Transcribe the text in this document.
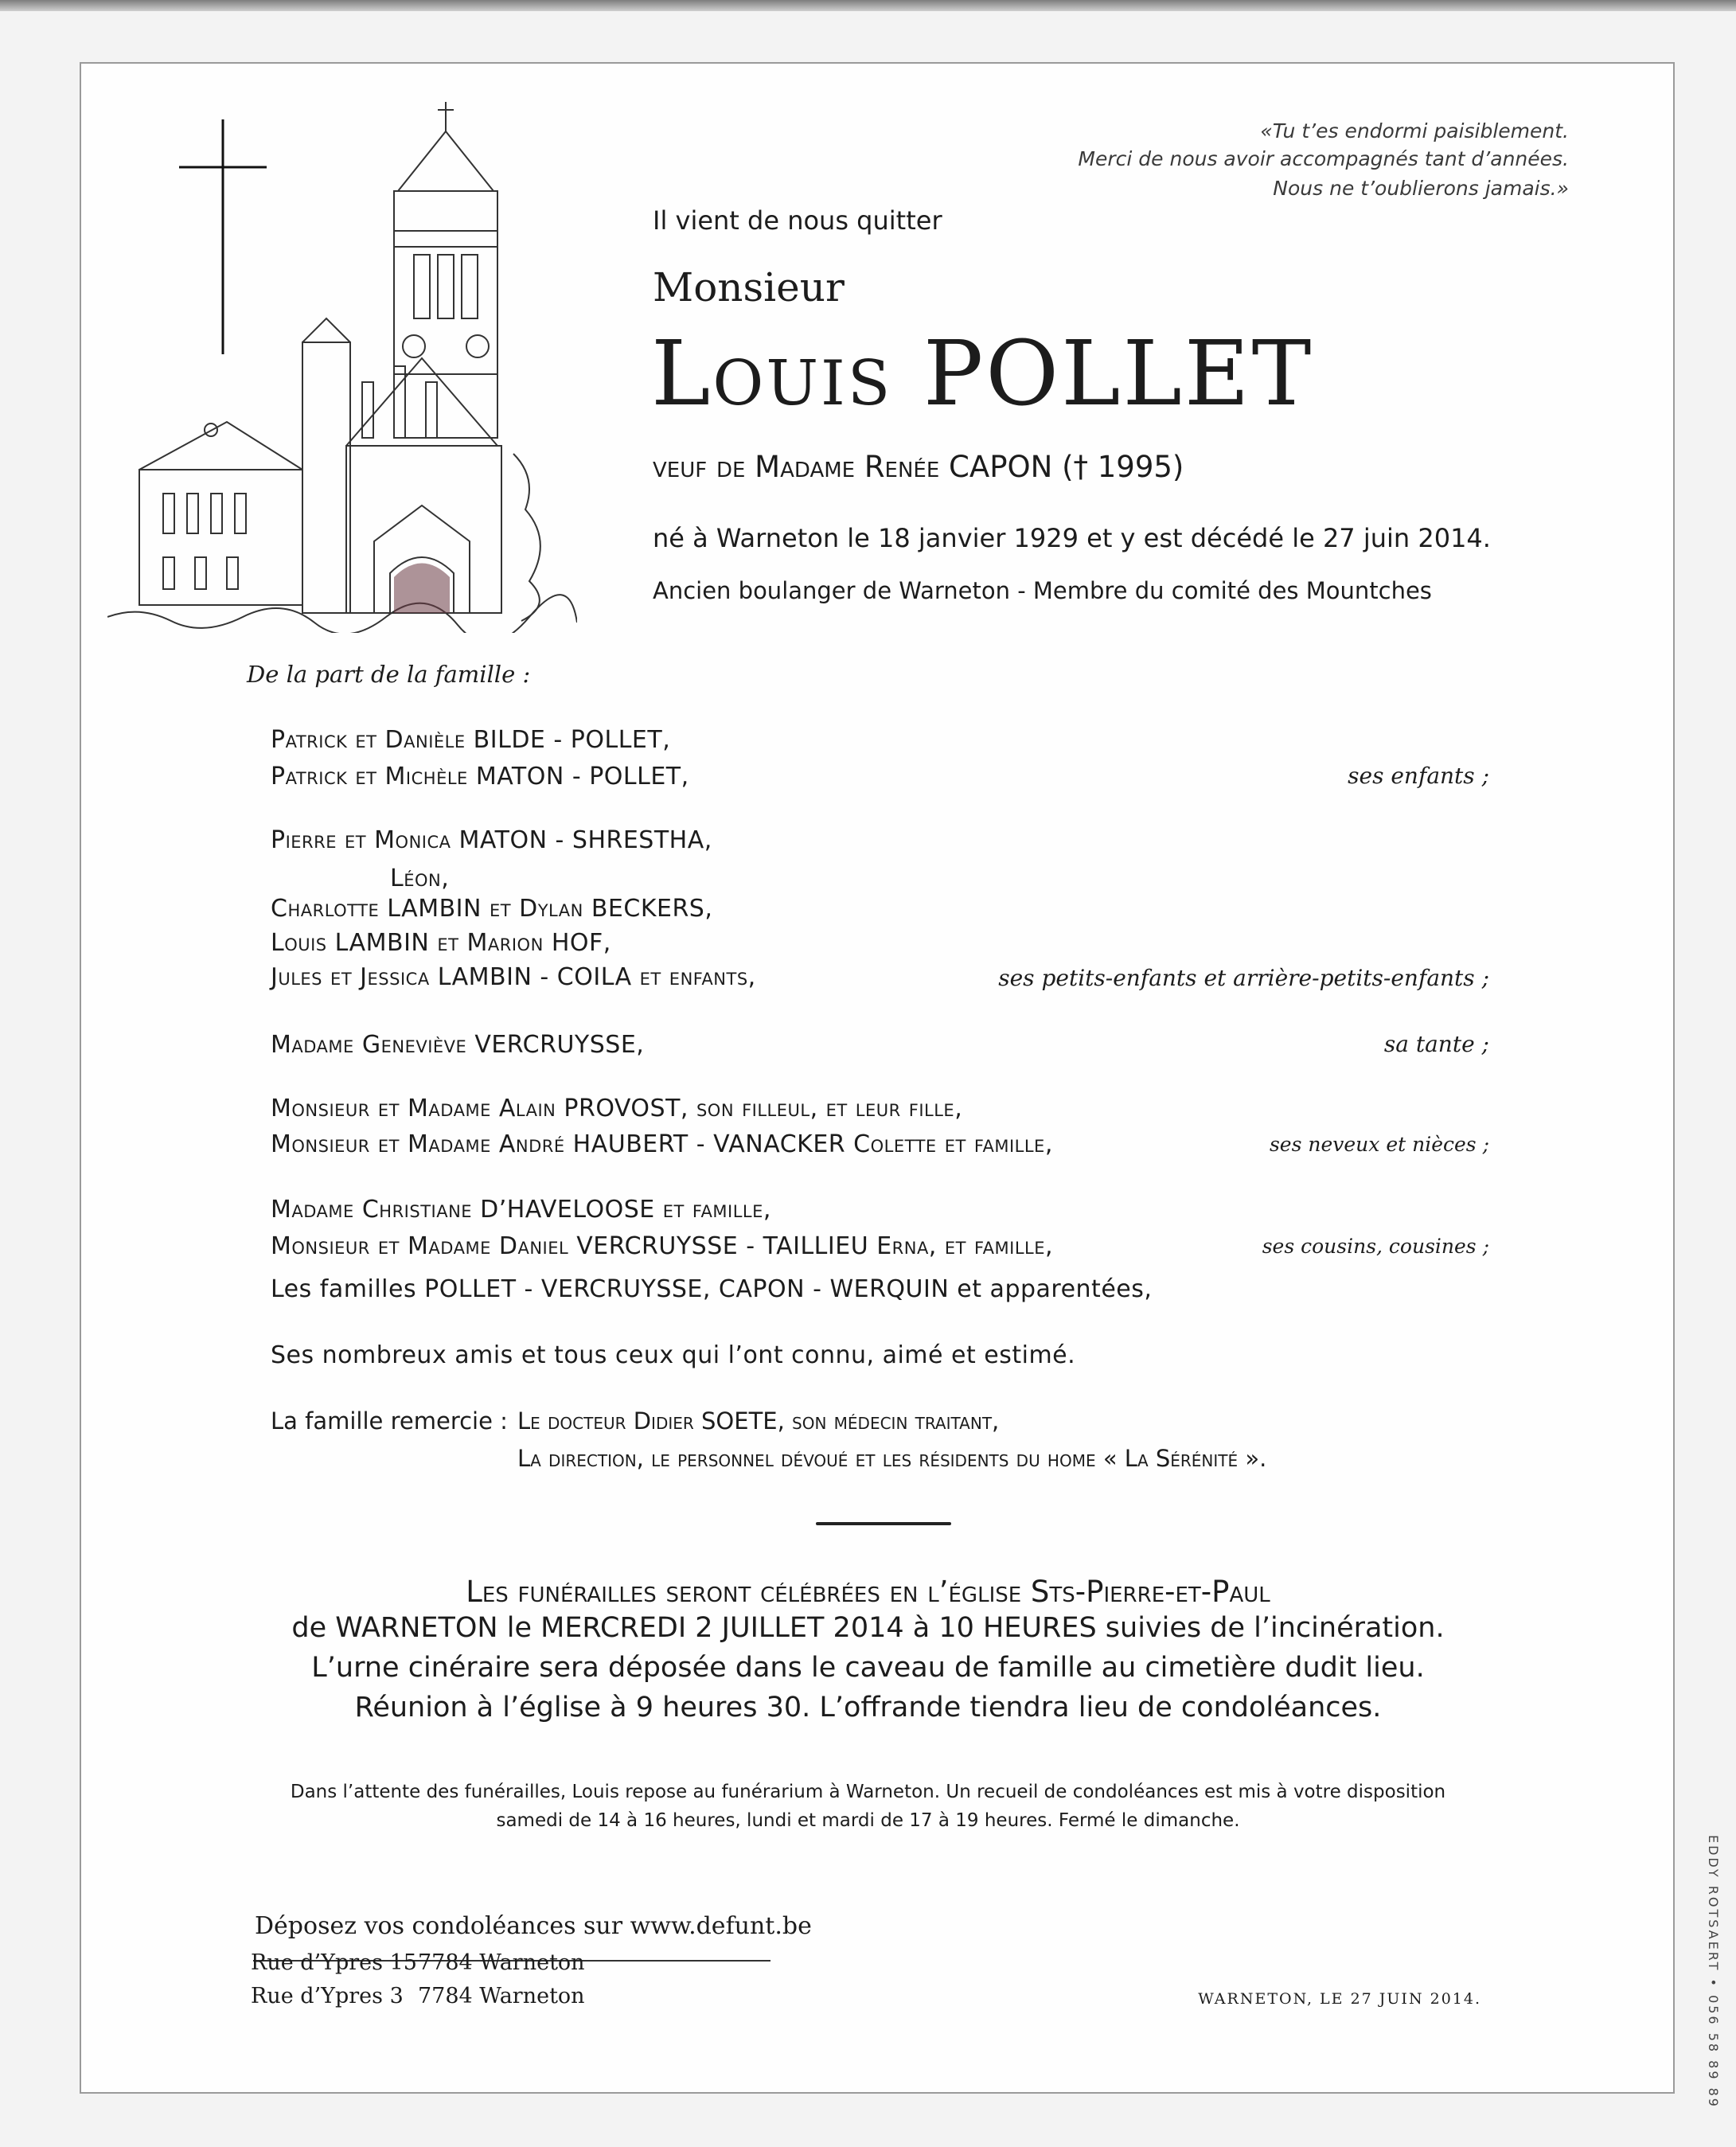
«Tu t’es endormi paisiblement.
Merci de nous avoir accompagnés tant d’années.
Nous ne t’oublierons jamais.»
Il vient de nous quitter
Monsieur
Louis POLLET
veuf de Madame Renée CAPON († 1995)
né à Warneton le 18 janvier 1929 et y est décédé le 27 juin 2014.
Ancien boulanger de Warneton - Membre du comité des Mountches
De la part de la famille :
Patrick et Danièle BILDE - POLLET,
Patrick et Michèle MATON - POLLET,	ses enfants ;
Pierre et Monica MATON - SHRESTHA,
Léon,
Charlotte LAMBIN et Dylan BECKERS,
Louis LAMBIN et Marion HOF,
Jules et Jessica LAMBIN - COILA et enfants,	ses petits-enfants et arrière-petits-enfants ;
Madame Geneviève VERCRUYSSE,	sa tante ;
Monsieur et Madame Alain PROVOST, son filleul, et leur fille,
Monsieur et Madame André HAUBERT - VANACKER Colette et famille,	ses neveux et nièces ;
Madame Christiane D’HAVELOOSE et famille,
Monsieur et Madame Daniel VERCRUYSSE - TAILLIEU Erna, et famille,	ses cousins, cousines ;
Les familles POLLET - VERCRUYSSE, CAPON - WERQUIN et apparentées,
Ses nombreux amis et tous ceux qui l’ont connu, aimé et estimé.
La famille remercie : Le docteur Didier SOETE, son médecin traitant,
La direction, le personnel dévoué et les résidents du home « La Sérénité ».
Les funérailles seront célébrées en l’église Sts-Pierre-et-Paul
de WARNETON le MERCREDI 2 JUILLET 2014 à 10 HEURES suivies de l’incinération.
L’urne cinéraire sera déposée dans le caveau de famille au cimetière dudit lieu.
Réunion à l’église à 9 heures 30. L’offrande tiendra lieu de condoléances.
Dans l’attente des funérailles, Louis repose au funérarium à Warneton. Un recueil de condoléances est mis à votre disposition
samedi de 14 à 16 heures, lundi et mardi de 17 à 19 heures. Fermé le dimanche.
Déposez vos condoléances sur www.defunt.be
Rue d’Ypres 15 7784 Warneton
Rue d’Ypres 3 7784 Warneton	WARNETON, LE 27 JUIN 2014.	EDDY ROTSAERT • 056 58 89 89
